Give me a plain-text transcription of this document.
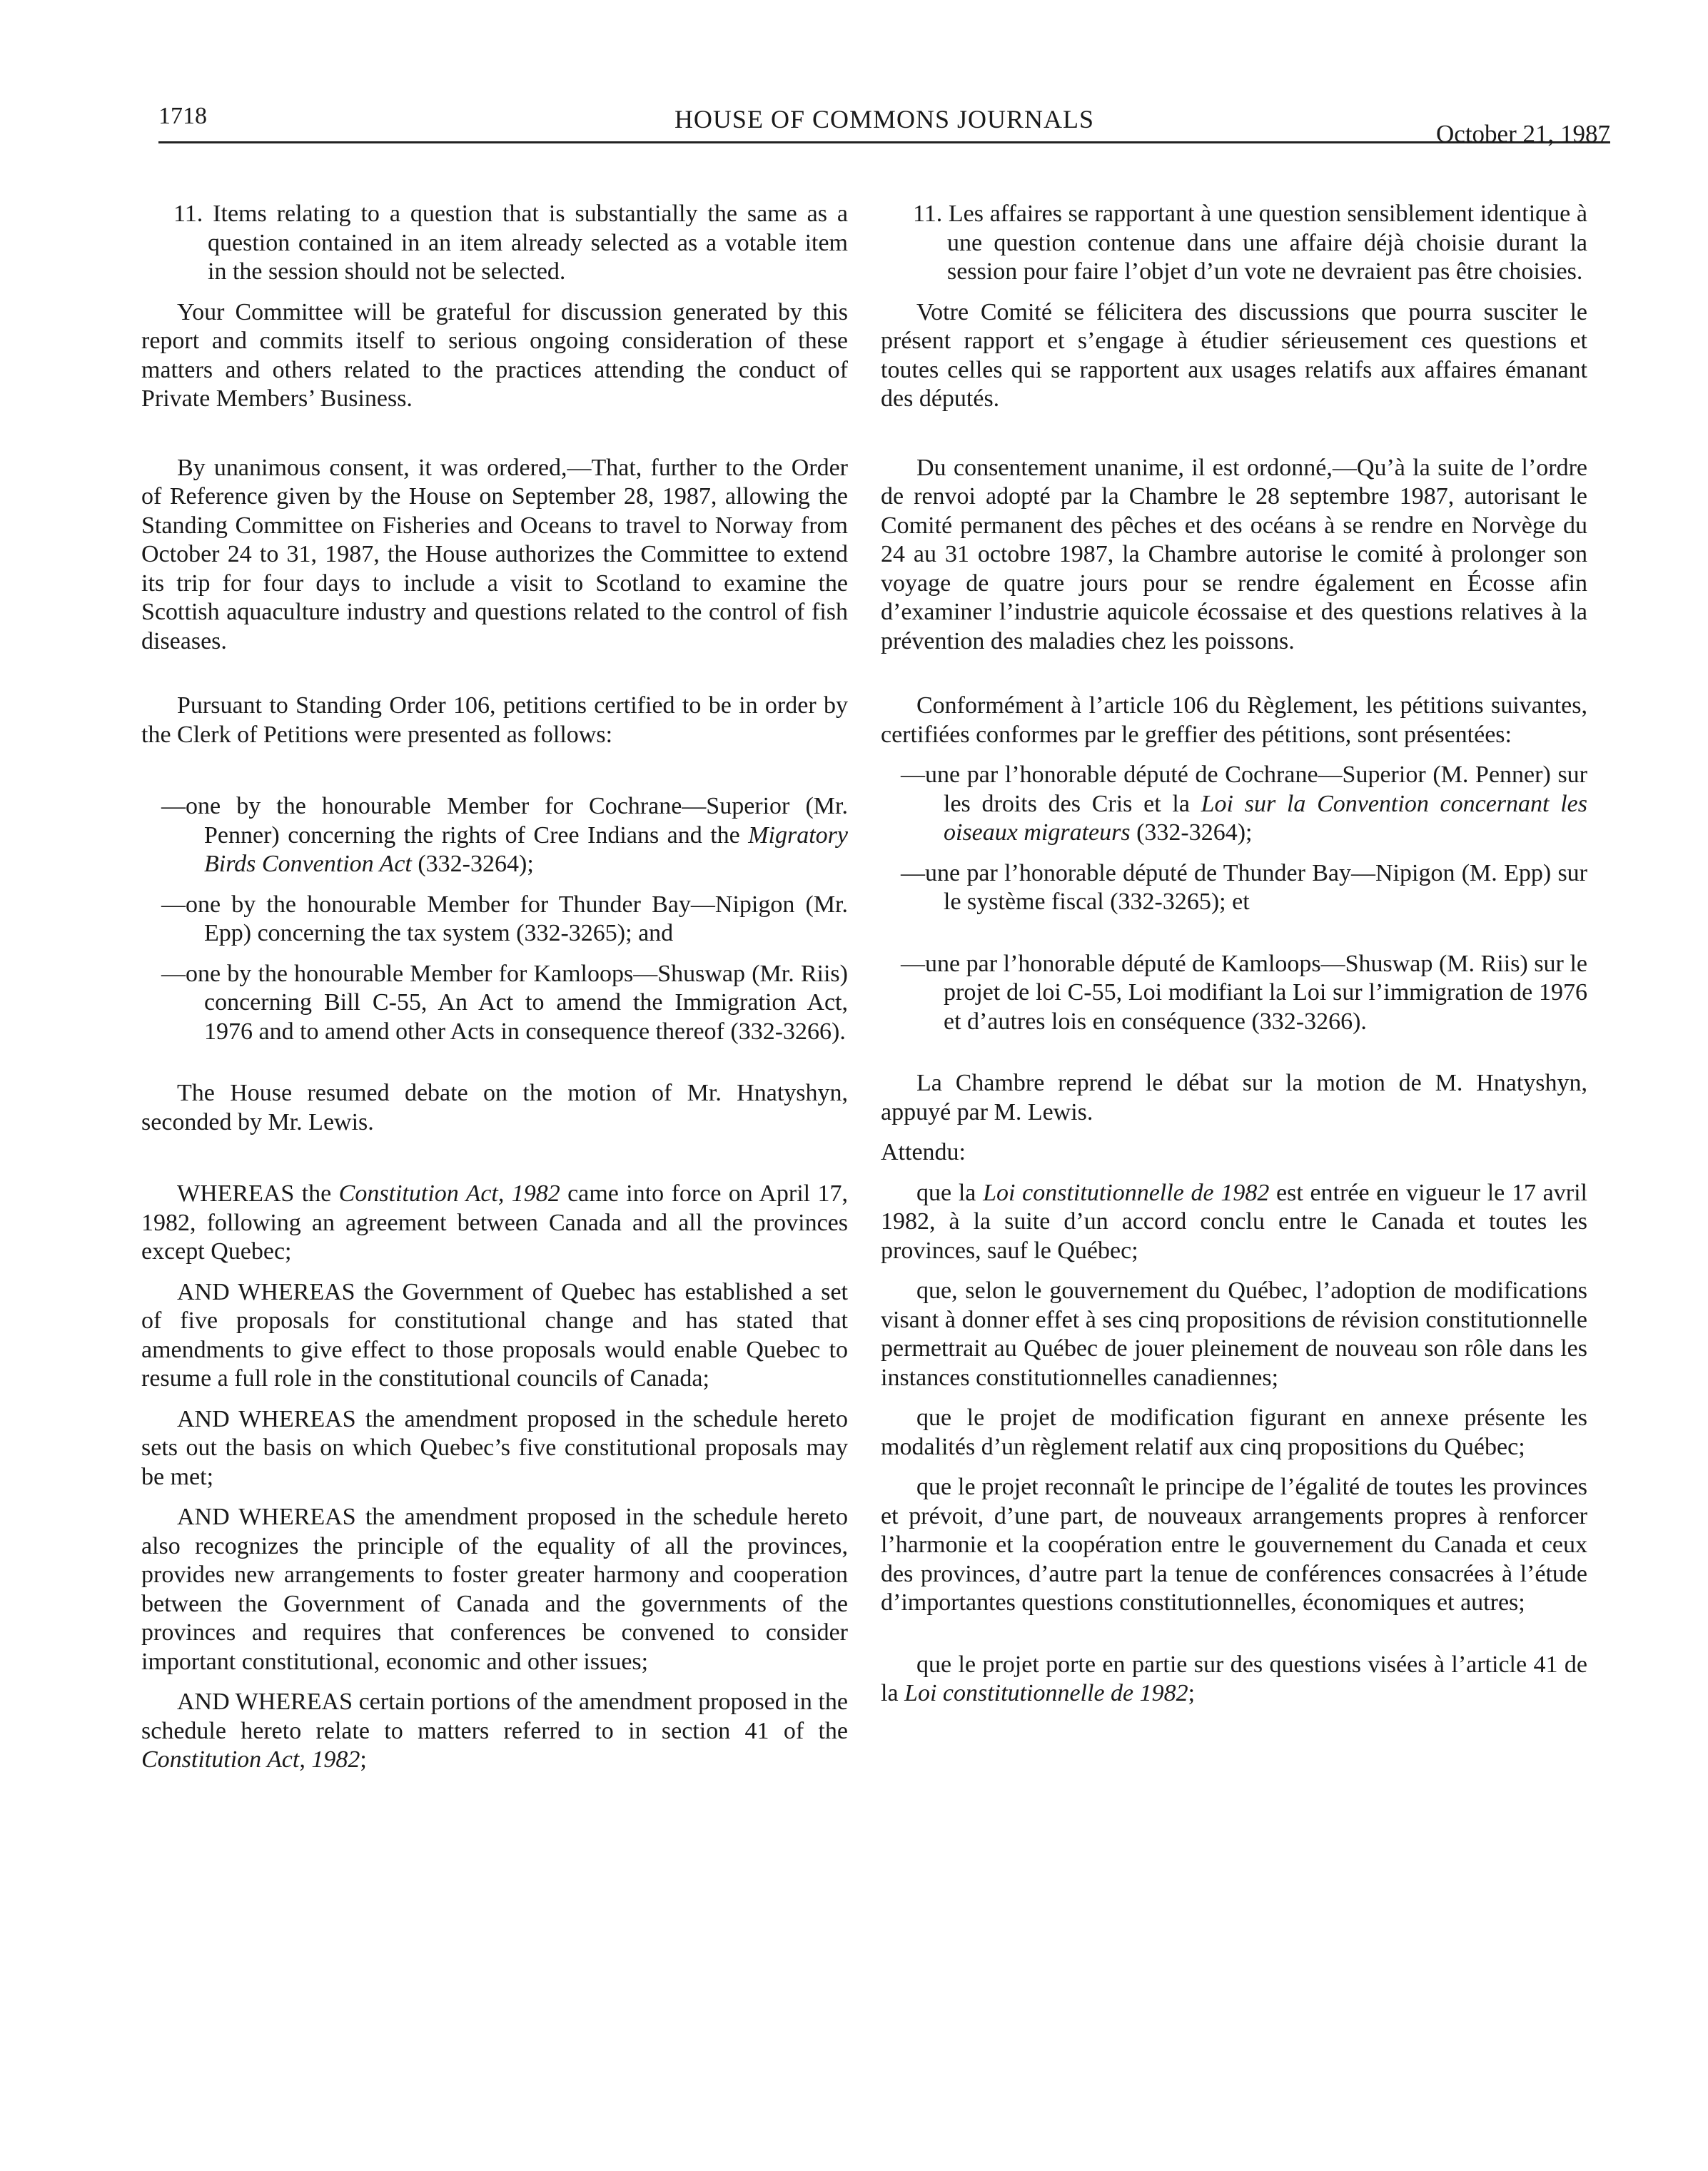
1718	HOUSE OF COMMONS JOURNALS
October 21, 1987

11. Items relating to a question that is substantially the same as a question contained in an item already selected as a votable item in the session should not be selected.

Your Committee will be grateful for discussion generated by this report and commits itself to serious ongoing consideration of these matters and others related to the practices attending the conduct of Private Members’ Business.

By unanimous consent, it was ordered,—That, further to the Order of Reference given by the House on September 28, 1987, allowing the Standing Committee on Fisheries and Oceans to travel to Norway from October 24 to 31, 1987, the House authorizes the Committee to extend its trip for four days to include a visit to Scotland to examine the Scottish aquaculture industry and questions related to the control of fish diseases.

Pursuant to Standing Order 106, petitions certified to be in order by the Clerk of Petitions were presented as follows:

—one by the honourable Member for Cochrane—Superior (Mr. Penner) concerning the rights of Cree Indians and the Migratory Birds Convention Act (332-3264);

—one by the honourable Member for Thunder Bay—Nipigon (Mr. Epp) concerning the tax system (332-3265); and

—one by the honourable Member for Kamloops—Shuswap (Mr. Riis) concerning Bill C-55, An Act to amend the Immigration Act, 1976 and to amend other Acts in consequence thereof (332-3266).

The House resumed debate on the motion of Mr. Hnatyshyn, seconded by Mr. Lewis.

WHEREAS the Constitution Act, 1982 came into force on April 17, 1982, following an agreement between Canada and all the provinces except Quebec;

AND WHEREAS the Government of Quebec has established a set of five proposals for constitutional change and has stated that amendments to give effect to those proposals would enable Quebec to resume a full role in the constitutional councils of Canada;

AND WHEREAS the amendment proposed in the schedule hereto sets out the basis on which Quebec’s five constitutional proposals may be met;

AND WHEREAS the amendment proposed in the schedule hereto also recognizes the principle of the equality of all the provinces, provides new arrangements to foster greater harmony and cooperation between the Government of Canada and the governments of the provinces and requires that conferences be convened to consider important constitutional, economic and other issues;

AND WHEREAS certain portions of the amendment proposed in the schedule hereto relate to matters referred to in section 41 of the Constitution Act, 1982;

11. Les affaires se rapportant à une question sensiblement identique à une question contenue dans une affaire déjà choisie durant la session pour faire l’objet d’un vote ne devraient pas être choisies.

Votre Comité se félicitera des discussions que pourra susciter le présent rapport et s’engage à étudier sérieusement ces questions et toutes celles qui se rapportent aux usages relatifs aux affaires émanant des députés.

Du consentement unanime, il est ordonné,—Qu’à la suite de l’ordre de renvoi adopté par la Chambre le 28 septembre 1987, autorisant le Comité permanent des pêches et des océans à se rendre en Norvège du 24 au 31 octobre 1987, la Chambre autorise le comité à prolonger son voyage de quatre jours pour se rendre également en Écosse afin d’examiner l’industrie aquicole écossaise et des questions relatives à la prévention des maladies chez les poissons.

Conformément à l’article 106 du Règlement, les pétitions suivantes, certifiées conformes par le greffier des pétitions, sont présentées:

—une par l’honorable député de Cochrane—Superior (M. Penner) sur les droits des Cris et la Loi sur la Convention concernant les oiseaux migrateurs (332-3264);

—une par l’honorable député de Thunder Bay—Nipigon (M. Epp) sur le système fiscal (332-3265); et

—une par l’honorable député de Kamloops—Shuswap (M. Riis) sur le projet de loi C-55, Loi modifiant la Loi sur l’immigration de 1976 et d’autres lois en conséquence (332-3266).

La Chambre reprend le débat sur la motion de M. Hnatyshyn, appuyé par M. Lewis.

Attendu:

que la Loi constitutionnelle de 1982 est entrée en vigueur le 17 avril 1982, à la suite d’un accord conclu entre le Canada et toutes les provinces, sauf le Québec;

que, selon le gouvernement du Québec, l’adoption de modifications visant à donner effet à ses cinq propositions de révision constitutionnelle permettrait au Québec de jouer pleinement de nouveau son rôle dans les instances constitutionnelles canadiennes;

que le projet de modification figurant en annexe présente les modalités d’un règlement relatif aux cinq propositions du Québec;

que le projet reconnaît le principe de l’égalité de toutes les provinces et prévoit, d’une part, de nouveaux arrangements propres à renforcer l’harmonie et la coopération entre le gouvernement du Canada et ceux des provinces, d’autre part la tenue de conférences consacrées à l’étude d’importantes questions constitutionnelles, économiques et autres;

que le projet porte en partie sur des questions visées à l’article 41 de la Loi constitutionnelle de 1982;
